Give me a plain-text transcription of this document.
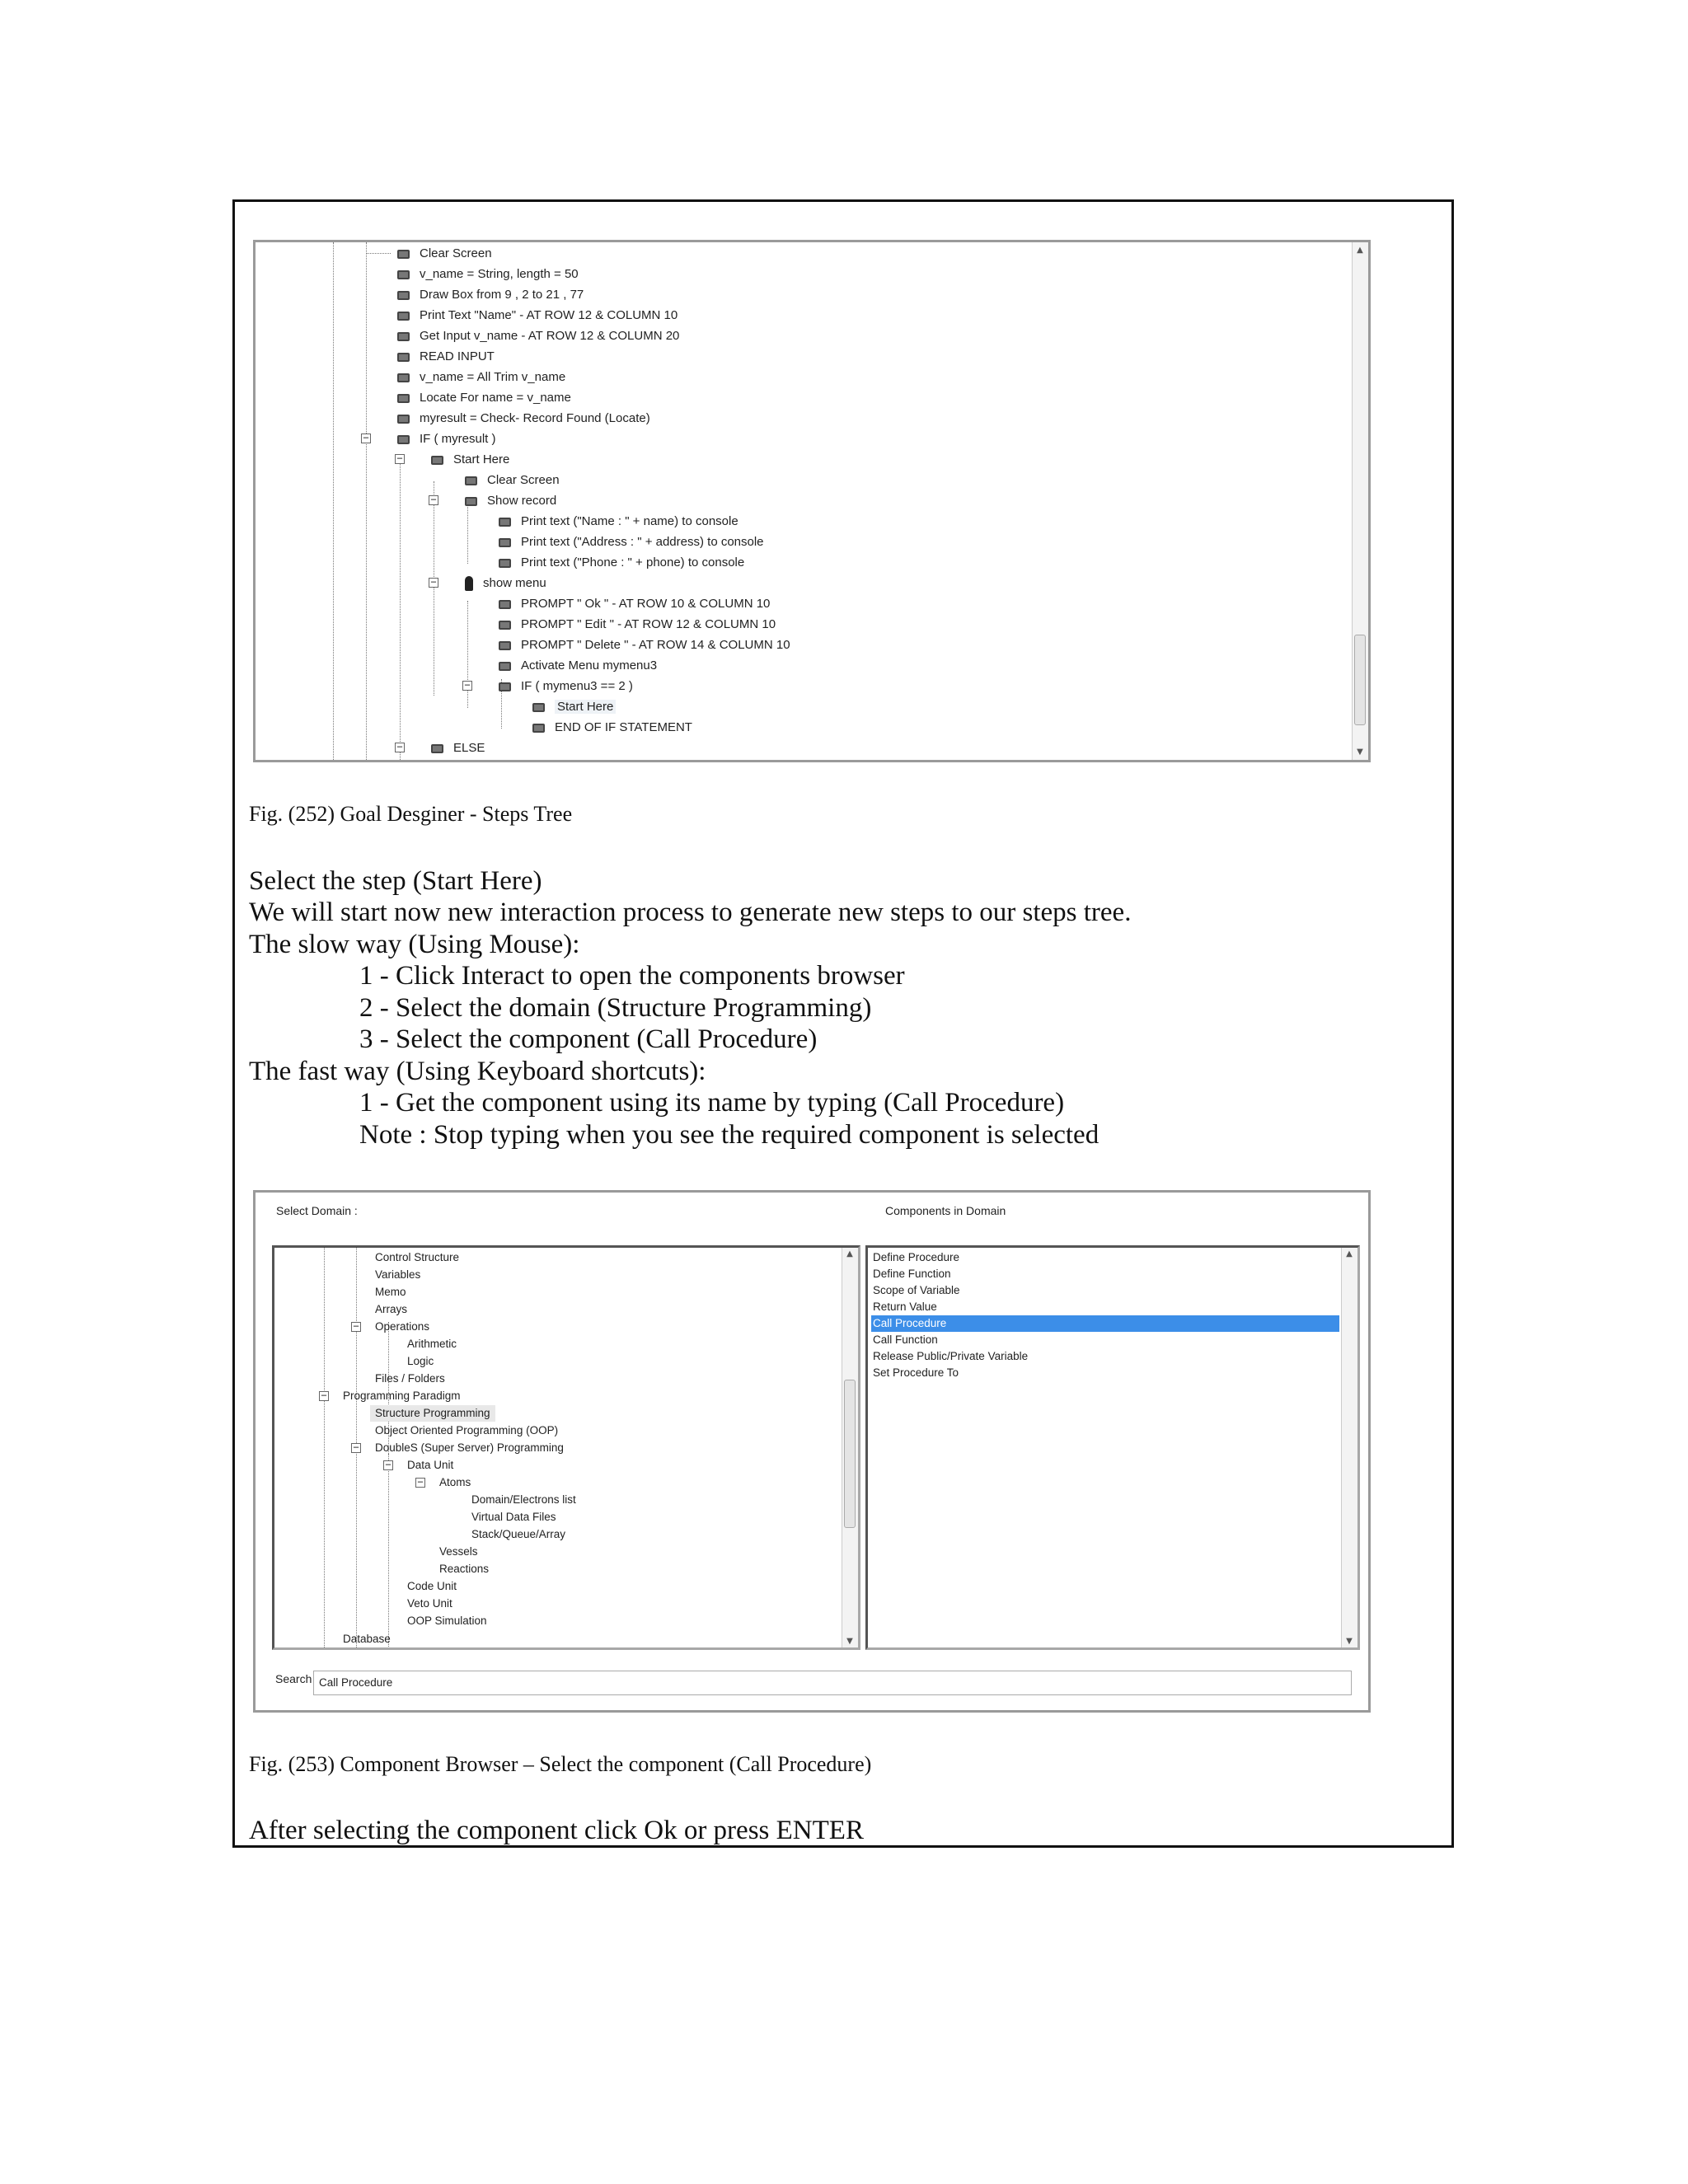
Clear Screen
v_name = String, length = 50
Draw Box from 9 , 2 to 21 , 77
Print Text "Name" - AT ROW 12 & COLUMN 10
Get Input v_name - AT ROW 12 & COLUMN 20
READ INPUT
v_name = All Trim v_name
Locate For name = v_name
myresult = Check- Record Found (Locate)
−	IF ( myresult )
−	Start Here
Clear Screen
−	Show record
Print text ("Name : " + name) to console
Print text ("Address : " + address) to console
Print text ("Phone : " + phone) to console
−	show menu
PROMPT " Ok " - AT ROW 10 & COLUMN 10
PROMPT " Edit " - AT ROW 12 & COLUMN 10
PROMPT " Delete " - AT ROW 14 & COLUMN 10
Activate Menu mymenu3
−	IF ( mymenu3 == 2 )
Start Here
END OF IF STATEMENT
−	ELSE
▲
▼
Fig. (252) Goal Desginer - Steps Tree
Select the step (Start Here)
We will start now new interaction process to generate new steps to our steps tree.
The slow way (Using Mouse):
1 - Click Interact to open the components browser
2 - Select the domain (Structure Programming)
3 - Select the component (Call Procedure)
The fast way (Using Keyboard shortcuts):
1 - Get the component using its name by typing (Call Procedure)
Note : Stop typing when you see the required component is selected
Select Domain :	Components in Domain
Control Structure
Variables
Memo
Arrays
− Operations
Arithmetic
Logic
Files / Folders
− Programming Paradigm
Structure Programming
Object Oriented Programming (OOP)
− DoubleS (Super Server) Programming
− Data Unit
− Atoms
Domain/Electrons list
Virtual Data Files
Stack/Queue/Array
Vessels
Reactions
Code Unit
Veto Unit
OOP Simulation
Database
▲
▼
Define Procedure
Define Function
Scope of Variable
Return Value
Call Procedure
Call Function
Release Public/Private Variable
Set Procedure To
▲
▼
Search Call Procedure
Fig. (253) Component Browser – Select the component (Call Procedure)
After selecting the component click Ok or press ENTER
